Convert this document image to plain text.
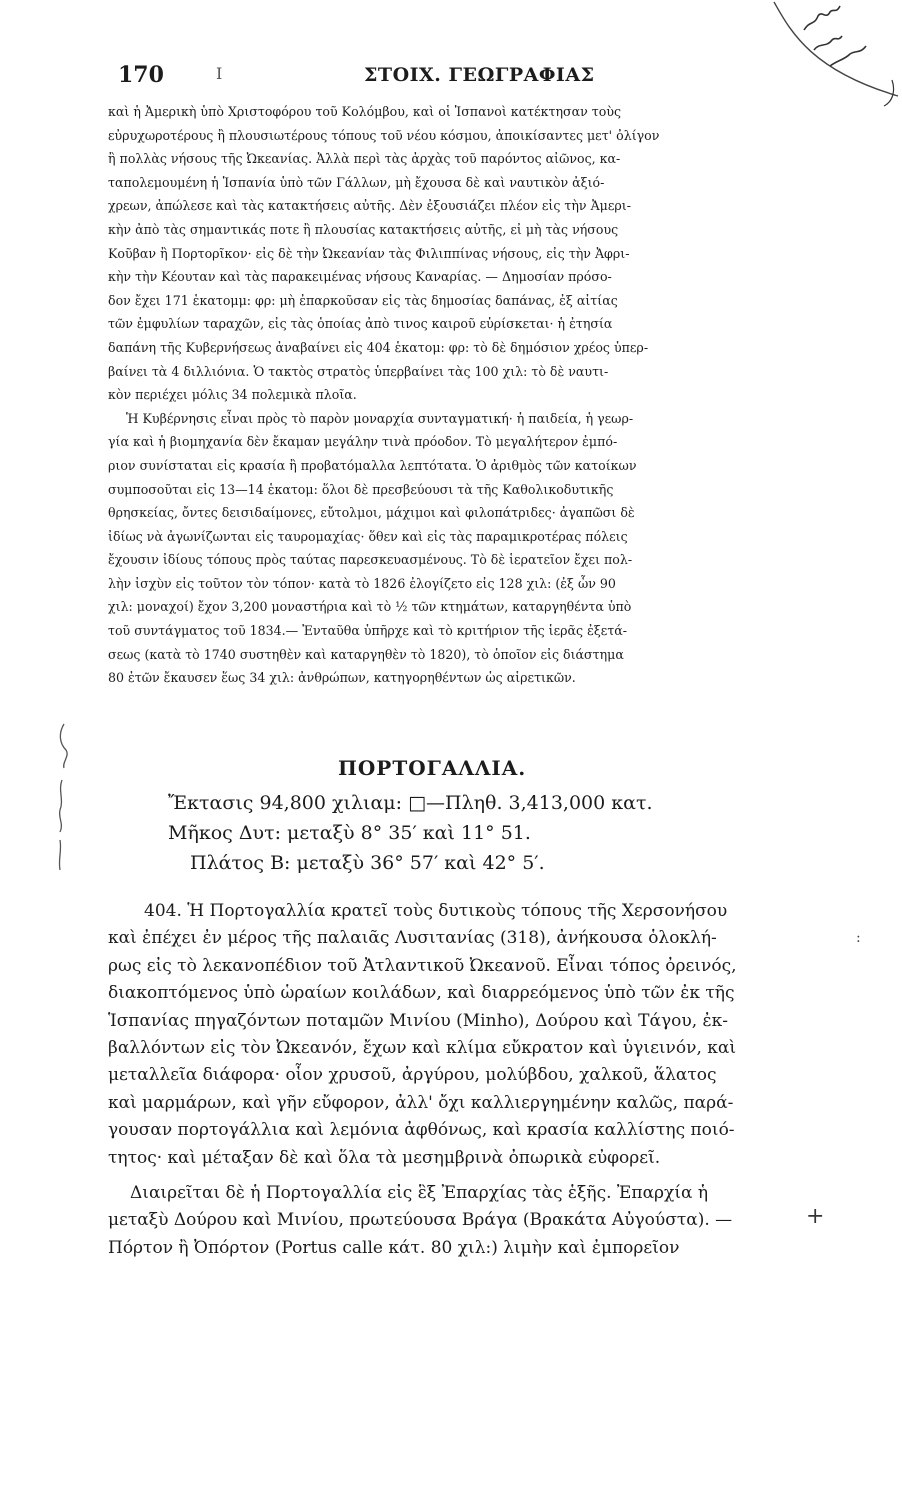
170	Ι	ΣΤΟΙΧ. ΓΕΩΓΡΑΦΙΑΣ
καὶ ἡ Ἀμερικὴ ὑπὸ Χριστοφόρου τοῦ Κολόμβου, καὶ οἱ Ἱσπανοὶ κατέκτησαν τοὺς
εὐρυχωροτέρους ἢ πλουσιωτέρους τόπους τοῦ νέου κόσμου, ἀποικίσαντες μετ' ὀλίγον
ἢ πολλὰς νήσους τῆς Ὠκεανίας. Ἀλλὰ περὶ τὰς ἀρχὰς τοῦ παρόντος αἰῶνος, κα-
ταπολεμουμένη ἡ Ἱσπανία ὑπὸ τῶν Γάλλων, μὴ ἔχουσα δὲ καὶ ναυτικὸν ἀξιό-
χρεων, ἀπώλεσε καὶ τὰς κατακτήσεις αὐτῆς. Δὲν ἐξουσιάζει πλέον εἰς τὴν Ἀμερι-
κὴν ἀπὸ τὰς σημαντικάς ποτε ἢ πλουσίας κατακτήσεις αὐτῆς, εἰ μὴ τὰς νήσους
Κοῦβαν ἢ Πορτορῖκον· εἰς δὲ τὴν Ὠκεανίαν τὰς Φιλιππίνας νήσους, εἰς τὴν Ἀφρι-
κὴν τὴν Κέουταν καὶ τὰς παρακειμένας νήσους Καναρίας. — Δημοσίαν πρόσο-
δον ἔχει 171 ἑκατομμ: φρ: μὴ ἐπαρκοῦσαν εἰς τὰς δημοσίας δαπάνας, ἐξ αἰτίας
τῶν ἐμφυλίων ταραχῶν, εἰς τὰς ὁποίας ἀπὸ τινος καιροῦ εὑρίσκεται· ἡ ἐτησία
δαπάνη τῆς Κυβερνήσεως ἀναβαίνει εἰς 404 ἑκατομ: φρ: τὸ δὲ δημόσιον χρέος ὑπερ-
βαίνει τὰ 4 διλλιόνια. Ὁ τακτὸς στρατὸς ὑπερβαίνει τὰς 100 χιλ: τὸ δὲ ναυτι-
κὸν περιέχει μόλις 34 πολεμικὰ πλοῖα.
Ἡ Κυβέρνησις εἶναι πρὸς τὸ παρὸν μοναρχία συνταγματική· ἡ παιδεία, ἡ γεωρ-
γία καὶ ἡ βιομηχανία δὲν ἔκαμαν μεγάλην τινὰ πρόοδον. Τὸ μεγαλήτερον ἐμπό-
ριον συνίσταται εἰς κρασία ἢ προβατόμαλλα λεπτότατα. Ὁ ἀριθμὸς τῶν κατοίκων
συμποσοῦται εἰς 13—14 ἑκατομ: ὅλοι δὲ πρεσβεύουσι τὰ τῆς Καθολικοδυτικῆς
θρησκείας, ὄντες δεισιδαίμονες, εὔτολμοι, μάχιμοι καὶ φιλοπάτριδες· ἀγαπῶσι δὲ
ἰδίως νὰ ἀγωνίζωνται εἰς ταυρομαχίας· ὅθεν καὶ εἰς τὰς παραμικροτέρας πόλεις
ἔχουσιν ἰδίους τόπους πρὸς ταύτας παρεσκευασμένους. Τὸ δὲ ἱερατεῖον ἔχει πολ-
λὴν ἰσχὺν εἰς τοῦτον τὸν τόπον· κατὰ τὸ 1826 ἐλογίζετο εἰς 128 χιλ: (ἐξ ὧν 90
χιλ: μοναχοί) ἔχον 3,200 μοναστήρια καὶ τὸ ½ τῶν κτημάτων, καταργηθέντα ὑπὸ
τοῦ συντάγματος τοῦ 1834.— Ἐνταῦθα ὑπῆρχε καὶ τὸ κριτήριον τῆς ἱερᾶς ἐξετά-
σεως (κατὰ τὸ 1740 συστηθὲν καὶ καταργηθὲν τὸ 1820), τὸ ὁποῖον εἰς διάστημα
80 ἐτῶν ἔκαυσεν ἕως 34 χιλ: ἀνθρώπων, κατηγορηθέντων ὡς αἱρετικῶν.
ΠΟΡΤΟΓΑΛΛΙΑ.
Ἔκτασις 94,800 χιλιαμ: □—Πληθ. 3,413,000 κατ.
Μῆκος Δυτ: μεταξὺ 8° 35′ καὶ 11° 51.
Πλάτος Β: μεταξὺ 36° 57′ καὶ 42° 5′.
404. Ἡ Πορτογαλλία κρατεῖ τοὺς δυτικοὺς τόπους τῆς Χερσονήσου
καὶ ἐπέχει ἐν μέρος τῆς παλαιᾶς Λυσιτανίας (318), ἀνήκουσα ὁλοκλή-
ρως εἰς τὸ λεκανοπέδιον τοῦ Ἀτλαντικοῦ Ὠκεανοῦ. Εἶναι τόπος ὀρεινός,
διακοπτόμενος ὑπὸ ὡραίων κοιλάδων, καὶ διαρρεόμενος ὑπὸ τῶν ἐκ τῆς
Ἱσπανίας πηγαζόντων ποταμῶν Μινίου (Minho), Δούρου καὶ Τάγου, ἐκ-
βαλλόντων εἰς τὸν Ὠκεανόν, ἔχων καὶ κλίμα εὔκρατον καὶ ὑγιεινόν, καὶ
μεταλλεῖα διάφορα· οἷον χρυσοῦ, ἀργύρου, μολύβδου, χαλκοῦ, ἅλατος
καὶ μαρμάρων, καὶ γῆν εὔφορον, ἀλλ' ὄχι καλλιεργημένην καλῶς, παρά-
γουσαν πορτογάλλια καὶ λεμόνια ἀφθόνως, καὶ κρασία καλλίστης ποιό-
τητος· καὶ μέταξαν δὲ καὶ ὅλα τὰ μεσημβρινὰ ὀπωρικὰ εὐφορεῖ.
Διαιρεῖται δὲ ἡ Πορτογαλλία εἰς ἓξ Ἐπαρχίας τὰς ἑξῆς. Ἐπαρχία ἡ
μεταξὺ Δούρου καὶ Μινίου, πρωτεύουσα Βράγα (Βρακάτα Αὐγούστα). —
Πόρτον ἢ Ὀπόρτον (Portus calle κάτ. 80 χιλ:) λιμὴν καὶ ἐμπορεῖον
:
+
